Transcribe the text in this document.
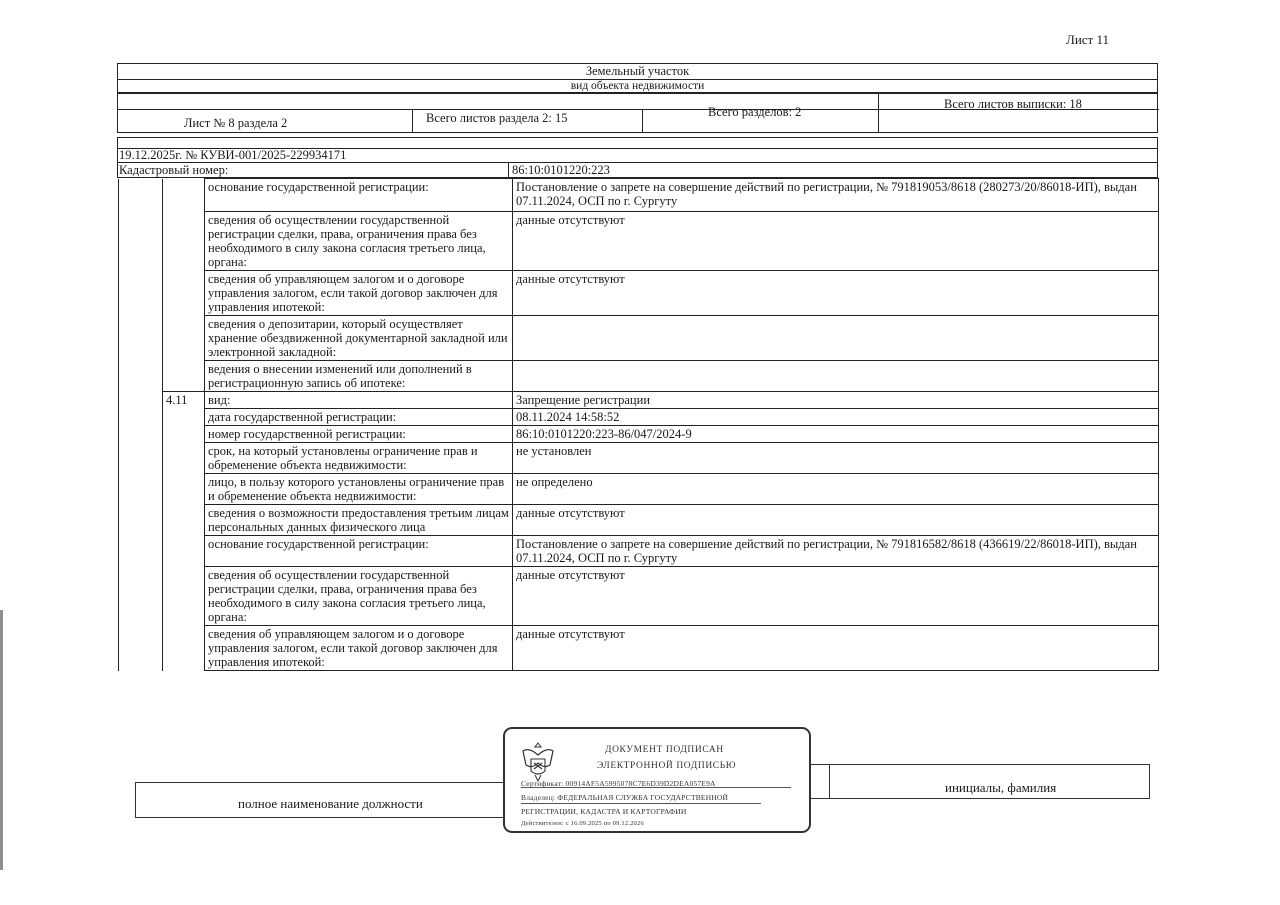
Лист 11
Земельный участок
вид объекта недвижимости
Лист № 8 раздела 2	Всего листов раздела 2: 15	Всего разделов: 2
Всего листов выписки: 18
19.12.2025г. № КУВИ-001/2025-229934171
Кадастровый номер:	86:10:0101220:223
		основание государственной регистрации:	Постановление о запрете на совершение действий по регистрации, № 791819053/8618 (280273/20/86018-ИП), выдан 07.11.2024, ОСП по г. Сургуту
		сведения об осуществлении государственной регистрации сделки, права, ограничения права без необходимого в силу закона согласия третьего лица, органа:	данные отсутствуют
		сведения об управляющем залогом и о договоре управления залогом, если такой договор заключен для управления ипотекой:	данные отсутствуют
		сведения о депозитарии, который осуществляет хранение обездвиженной документарной закладной или электронной закладной:	
		ведения о внесении изменений или дополнений в регистрационную запись об ипотеке:	
	4.11	вид:	Запрещение регистрации
		дата государственной регистрации:	08.11.2024 14:58:52
		номер государственной регистрации:	86:10:0101220:223-86/047/2024-9
		срок, на который установлены ограничение прав и обременение объекта недвижимости:	не установлен
		лицо, в пользу которого установлены ограничение прав и обременение объекта недвижимости:	не определено
		сведения о возможности предоставления третьим лицам персональных данных физического лица	данные отсутствуют
		основание государственной регистрации:	Постановление о запрете на совершение действий по регистрации, № 791816582/8618 (436619/22/86018-ИП), выдан 07.11.2024, ОСП по г. Сургуту
		сведения об осуществлении государственной регистрации сделки, права, ограничения права без необходимого в силу закона согласия третьего лица, органа:	данные отсутствуют
		сведения об управляющем залогом и о договоре управления залогом, если такой договор заключен для управления ипотекой:	данные отсутствуют
полное наименование должности
инициалы, фамилия
ДОКУМЕНТ ПОДПИСАН
ЭЛЕКТРОННОЙ ПОДПИСЬЮ
Сертификат: 00914AF5A5995078C7E6D39D2DEA057E9A
Владелец: ФЕДЕРАЛЬНАЯ СЛУЖБА ГОСУДАРСТВЕННОЙ
РЕГИСТРАЦИИ, КАДАСТРА И КАРТОГРАФИИ
Действителен: с 16.09.2025 по 09.12.2026
